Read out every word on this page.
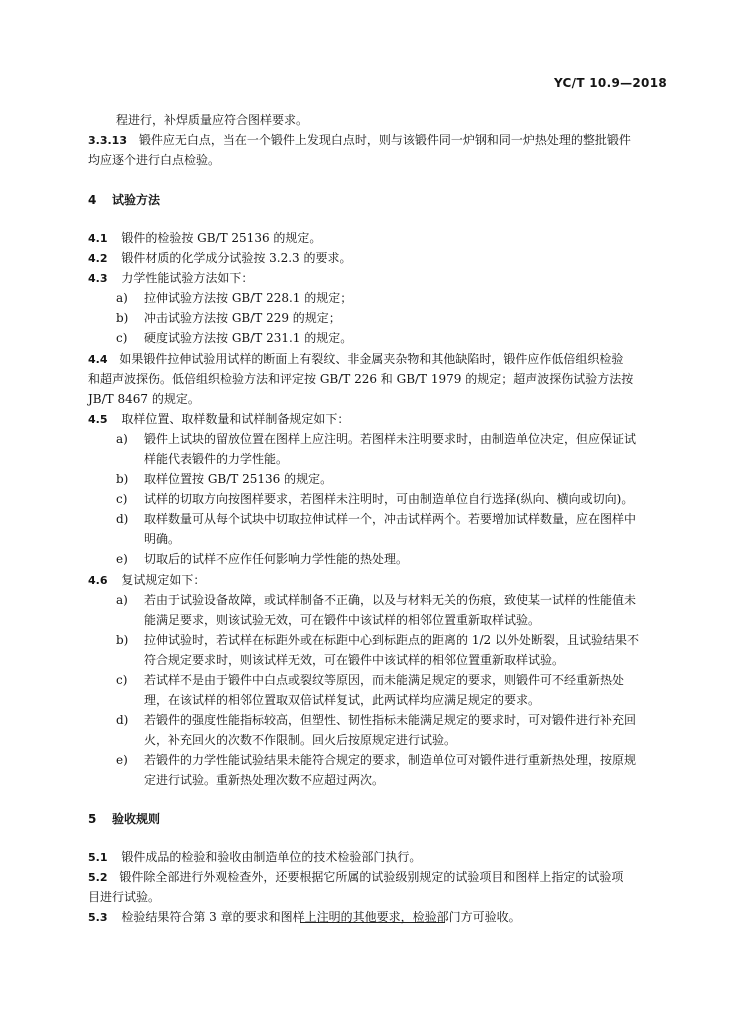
YC/T 10.9—2018
程进行，补焊质量应符合图样要求。
3.3.13 锻件应无白点，当在一个锻件上发现白点时，则与该锻件同一炉钢和同一炉热处理的整批锻件
均应逐个进行白点检验。
4 试验方法
4.1 锻件的检验按 GB/T 25136 的规定。
4.2 锻件材质的化学成分试验按 3.2.3 的要求。
4.3 力学性能试验方法如下：
a)	拉伸试验方法按 GB/T 228.1 的规定；
b)	冲击试验方法按 GB/T 229 的规定；
c)	硬度试验方法按 GB/T 231.1 的规定。
4.4 如果锻件拉伸试验用试样的断面上有裂纹、非金属夹杂物和其他缺陷时，锻件应作低倍组织检验
和超声波探伤。低倍组织检验方法和评定按 GB/T 226 和 GB/T 1979 的规定；超声波探伤试验方法按
JB/T 8467 的规定。
4.5 取样位置、取样数量和试样制备规定如下：
a)	锻件上试块的留放位置在图样上应注明。若图样未注明要求时，由制造单位决定，但应保证试
样能代表锻件的力学性能。
b)	取样位置按 GB/T 25136 的规定。
c)	试样的切取方向按图样要求，若图样未注明时，可由制造单位自行选择(纵向、横向或切向)。
d)	取样数量可从每个试块中切取拉伸试样一个，冲击试样两个。若要增加试样数量，应在图样中
明确。
e)	切取后的试样不应作任何影响力学性能的热处理。
4.6 复试规定如下：
a)	若由于试验设备故障，或试样制备不正确，以及与材料无关的伤痕，致使某一试样的性能值未
能满足要求，则该试验无效，可在锻件中该试样的相邻位置重新取样试验。
b)	拉伸试验时，若试样在标距外或在标距中心到标距点的距离的 1/2 以外处断裂，且试验结果不
符合规定要求时，则该试样无效，可在锻件中该试样的相邻位置重新取样试验。
c)	若试样不是由于锻件中白点或裂纹等原因，而未能满足规定的要求，则锻件可不经重新热处
理，在该试样的相邻位置取双倍试样复试，此两试样均应满足规定的要求。
d)	若锻件的强度性能指标较高，但塑性、韧性指标未能满足规定的要求时，可对锻件进行补充回
火，补充回火的次数不作限制。回火后按原规定进行试验。
e)	若锻件的力学性能试验结果未能符合规定的要求，制造单位可对锻件进行重新热处理，按原规
定进行试验。重新热处理次数不应超过两次。
5 验收规则
5.1 锻件成品的检验和验收由制造单位的技术检验部门执行。
5.2 锻件除全部进行外观检查外，还要根据它所属的试验级别规定的试验项目和图样上指定的试验项
目进行试验。
5.3 检验结果符合第 3 章的要求和图样上注明的其他要求，检验部门方可验收。
